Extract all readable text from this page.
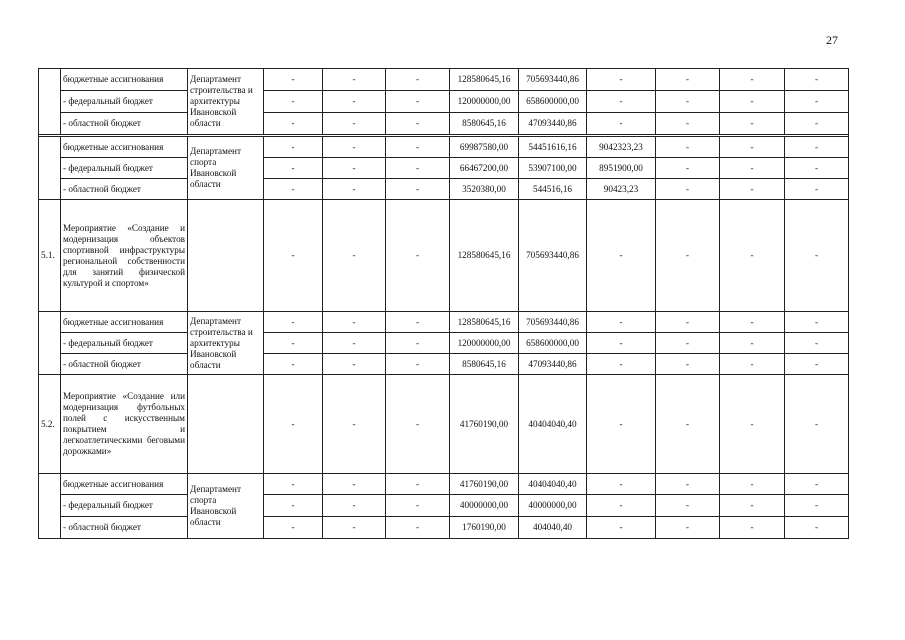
27
	бюджетные ассигнования	Департамент строительства и архитектуры Ивановской области	-	-	-	128580645,16	705693440,86	-	-	-	-
	- федеральный бюджет		-	-	-	120000000,00	658600000,00	-	-	-	-
	- областной бюджет		-	-	-	8580645,16	47093440,86	-	-	-	-

	бюджетные ассигнования	Департамент спорта Ивановской области	-	-	-	69987580,00	54451616,16	9042323,23	-	-	-
	- федеральный бюджет		-	-	-	66467200,00	53907100,00	8951900,00	-	-	-
	- областной бюджет		-	-	-	3520380,00	544516,16	90423,23	-	-	-
5.1.	Мероприятие «Создание и модернизация объектов спортивной инфраструктуры региональной собственности для занятий физической культурой и спортом»		-	-	-	128580645,16	705693440,86	-	-	-	-
	бюджетные ассигнования	Департамент строительства и архитектуры Ивановской области	-	-	-	128580645,16	705693440,86	-	-	-	-
	- федеральный бюджет		-	-	-	120000000,00	658600000,00	-	-	-	-
	- областной бюджет		-	-	-	8580645,16	47093440,86	-	-	-	-
5.2.	Мероприятие «Создание или модернизация футбольных полей с искусственным покрытием и легкоатлетическими беговыми дорожками»		-	-	-	41760190,00	40404040,40	-	-	-	-
	бюджетные ассигнования	Департамент спорта Ивановской области	-	-	-	41760190,00	40404040,40	-	-	-	-
	- федеральный бюджет		-	-	-	40000000,00	40000000,00	-	-	-	-
	- областной бюджет		-	-	-	1760190,00	404040,40	-	-	-	-
